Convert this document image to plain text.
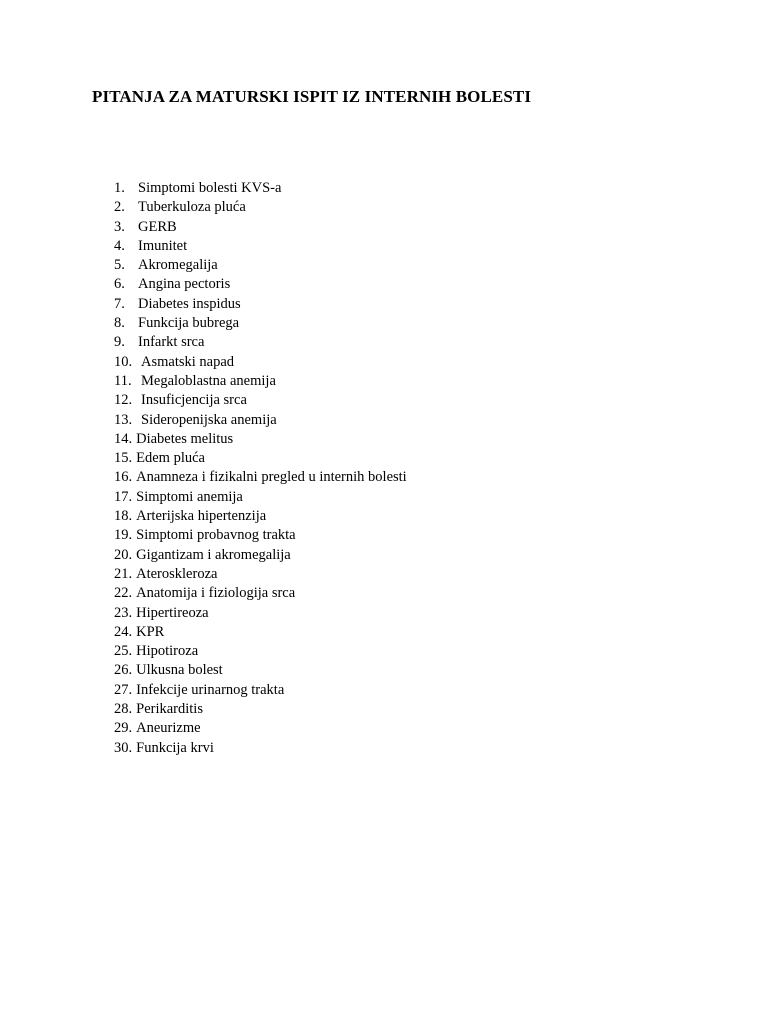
PITANJA ZA MATURSKI ISPIT IZ INTERNIH BOLESTI
1. Simptomi bolesti KVS-a
2. Tuberkuloza pluća
3. GERB
4. Imunitet
5. Akromegalija
6. Angina pectoris
7. Diabetes inspidus
8. Funkcija bubrega
9. Infarkt srca
10. Asmatski napad
11. Megaloblastna anemija
12. Insuficjencija srca
13. Sideropenijska anemija
14. Diabetes melitus
15. Edem pluća
16. Anamneza i fizikalni pregled u internih bolesti
17. Simptomi anemija
18. Arterijska hipertenzija
19. Simptomi probavnog trakta
20. Gigantizam i akromegalija
21. Ateroskleroza
22. Anatomija i fiziologija srca
23. Hipertireoza
24. KPR
25. Hipotiroza
26. Ulkusna bolest
27. Infekcije urinarnog trakta
28. Perikarditis
29. Aneurizme
30. Funkcija krvi
